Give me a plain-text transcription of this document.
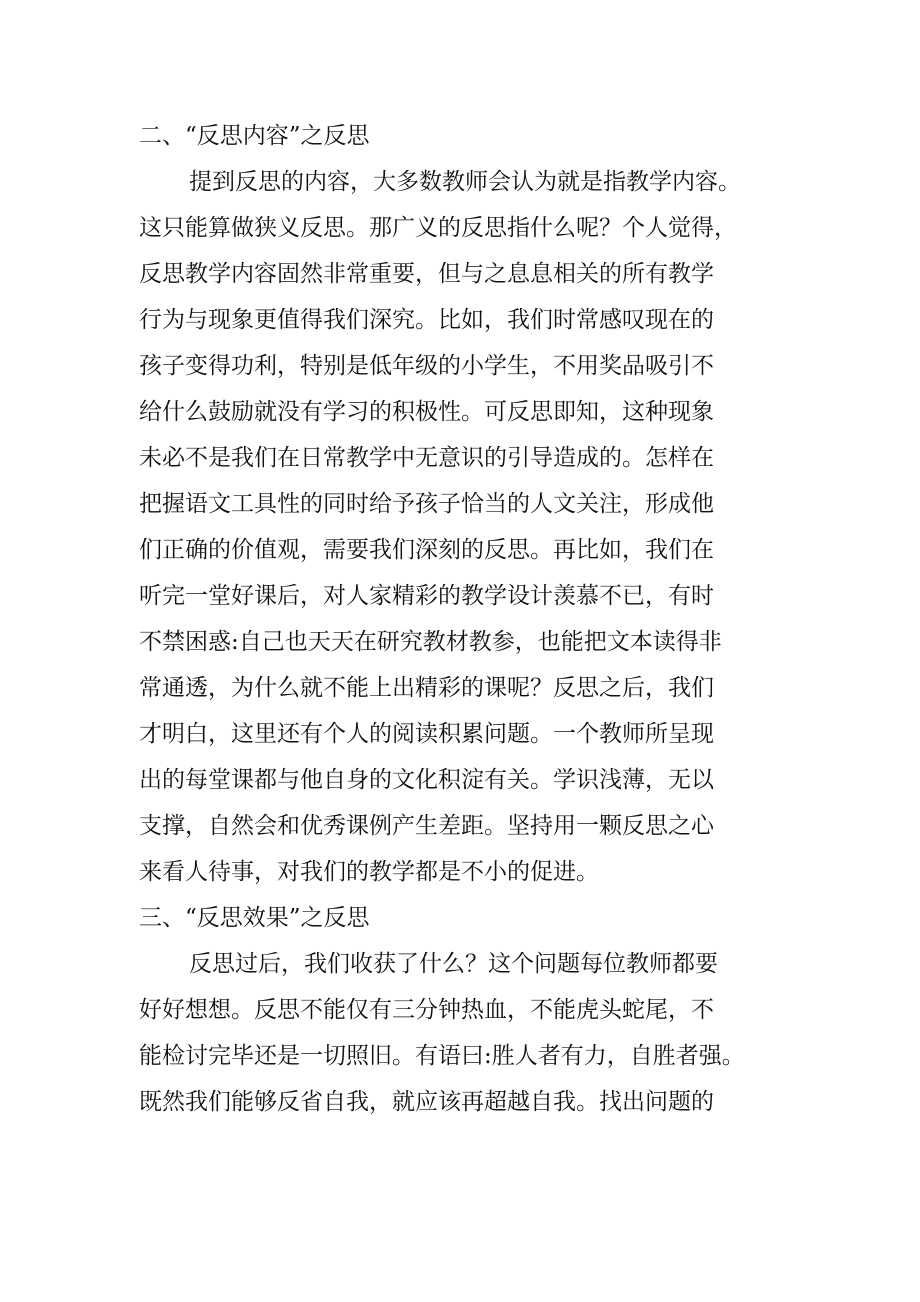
二、“反思内容”之反思
提到反思的内容，大多数教师会认为就是指教学内容。
这只能算做狭义反思。那广义的反思指什么呢？个人觉得，
反思教学内容固然非常重要，但与之息息相关的所有教学
行为与现象更值得我们深究。比如，我们时常感叹现在的
孩子变得功利，特别是低年级的小学生，不用奖品吸引不
给什么鼓励就没有学习的积极性。可反思即知，这种现象
未必不是我们在日常教学中无意识的引导造成的。怎样在
把握语文工具性的同时给予孩子恰当的人文关注，形成他
们正确的价值观，需要我们深刻的反思。再比如，我们在
听完一堂好课后，对人家精彩的教学设计羡慕不已，有时
不禁困惑:自己也天天在研究教材教参，也能把文本读得非
常通透，为什么就不能上出精彩的课呢？反思之后，我们
才明白，这里还有个人的阅读积累问题。一个教师所呈现
出的每堂课都与他自身的文化积淀有关。学识浅薄，无以
支撑，自然会和优秀课例产生差距。坚持用一颗反思之心
来看人待事，对我们的教学都是不小的促进。
三、“反思效果”之反思
反思过后，我们收获了什么？这个问题每位教师都要
好好想想。反思不能仅有三分钟热血，不能虎头蛇尾，不
能检讨完毕还是一切照旧。有语曰:胜人者有力，自胜者强。
既然我们能够反省自我，就应该再超越自我。找出问题的
